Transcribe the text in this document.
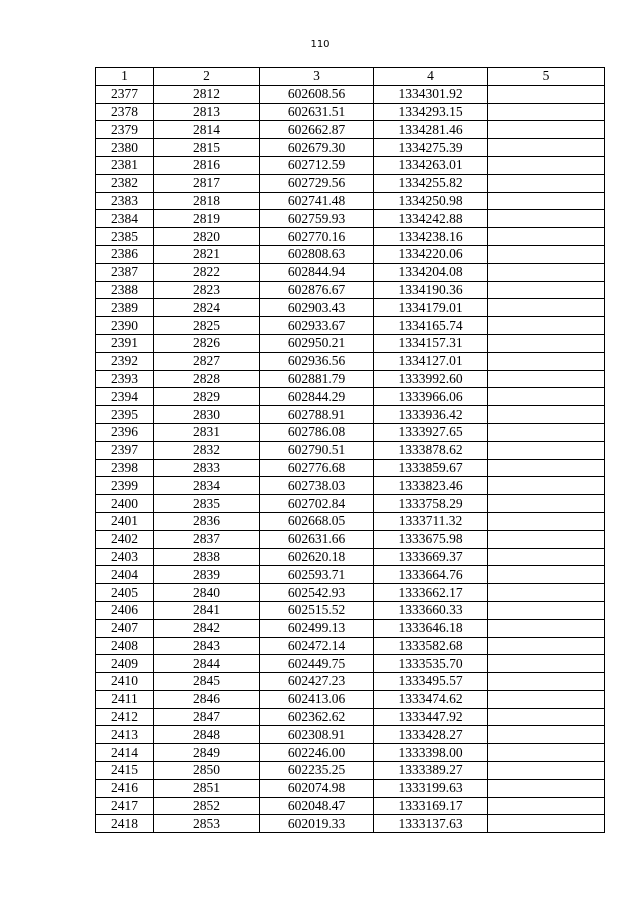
110
1	2	3	4	5
2377	2812	602608.56	1334301.92	
2378	2813	602631.51	1334293.15	
2379	2814	602662.87	1334281.46	
2380	2815	602679.30	1334275.39	
2381	2816	602712.59	1334263.01	
2382	2817	602729.56	1334255.82	
2383	2818	602741.48	1334250.98	
2384	2819	602759.93	1334242.88	
2385	2820	602770.16	1334238.16	
2386	2821	602808.63	1334220.06	
2387	2822	602844.94	1334204.08	
2388	2823	602876.67	1334190.36	
2389	2824	602903.43	1334179.01	
2390	2825	602933.67	1334165.74	
2391	2826	602950.21	1334157.31	
2392	2827	602936.56	1334127.01	
2393	2828	602881.79	1333992.60	
2394	2829	602844.29	1333966.06	
2395	2830	602788.91	1333936.42	
2396	2831	602786.08	1333927.65	
2397	2832	602790.51	1333878.62	
2398	2833	602776.68	1333859.67	
2399	2834	602738.03	1333823.46	
2400	2835	602702.84	1333758.29	
2401	2836	602668.05	1333711.32	
2402	2837	602631.66	1333675.98	
2403	2838	602620.18	1333669.37	
2404	2839	602593.71	1333664.76	
2405	2840	602542.93	1333662.17	
2406	2841	602515.52	1333660.33	
2407	2842	602499.13	1333646.18	
2408	2843	602472.14	1333582.68	
2409	2844	602449.75	1333535.70	
2410	2845	602427.23	1333495.57	
2411	2846	602413.06	1333474.62	
2412	2847	602362.62	1333447.92	
2413	2848	602308.91	1333428.27	
2414	2849	602246.00	1333398.00	
2415	2850	602235.25	1333389.27	
2416	2851	602074.98	1333199.63	
2417	2852	602048.47	1333169.17	
2418	2853	602019.33	1333137.63	
